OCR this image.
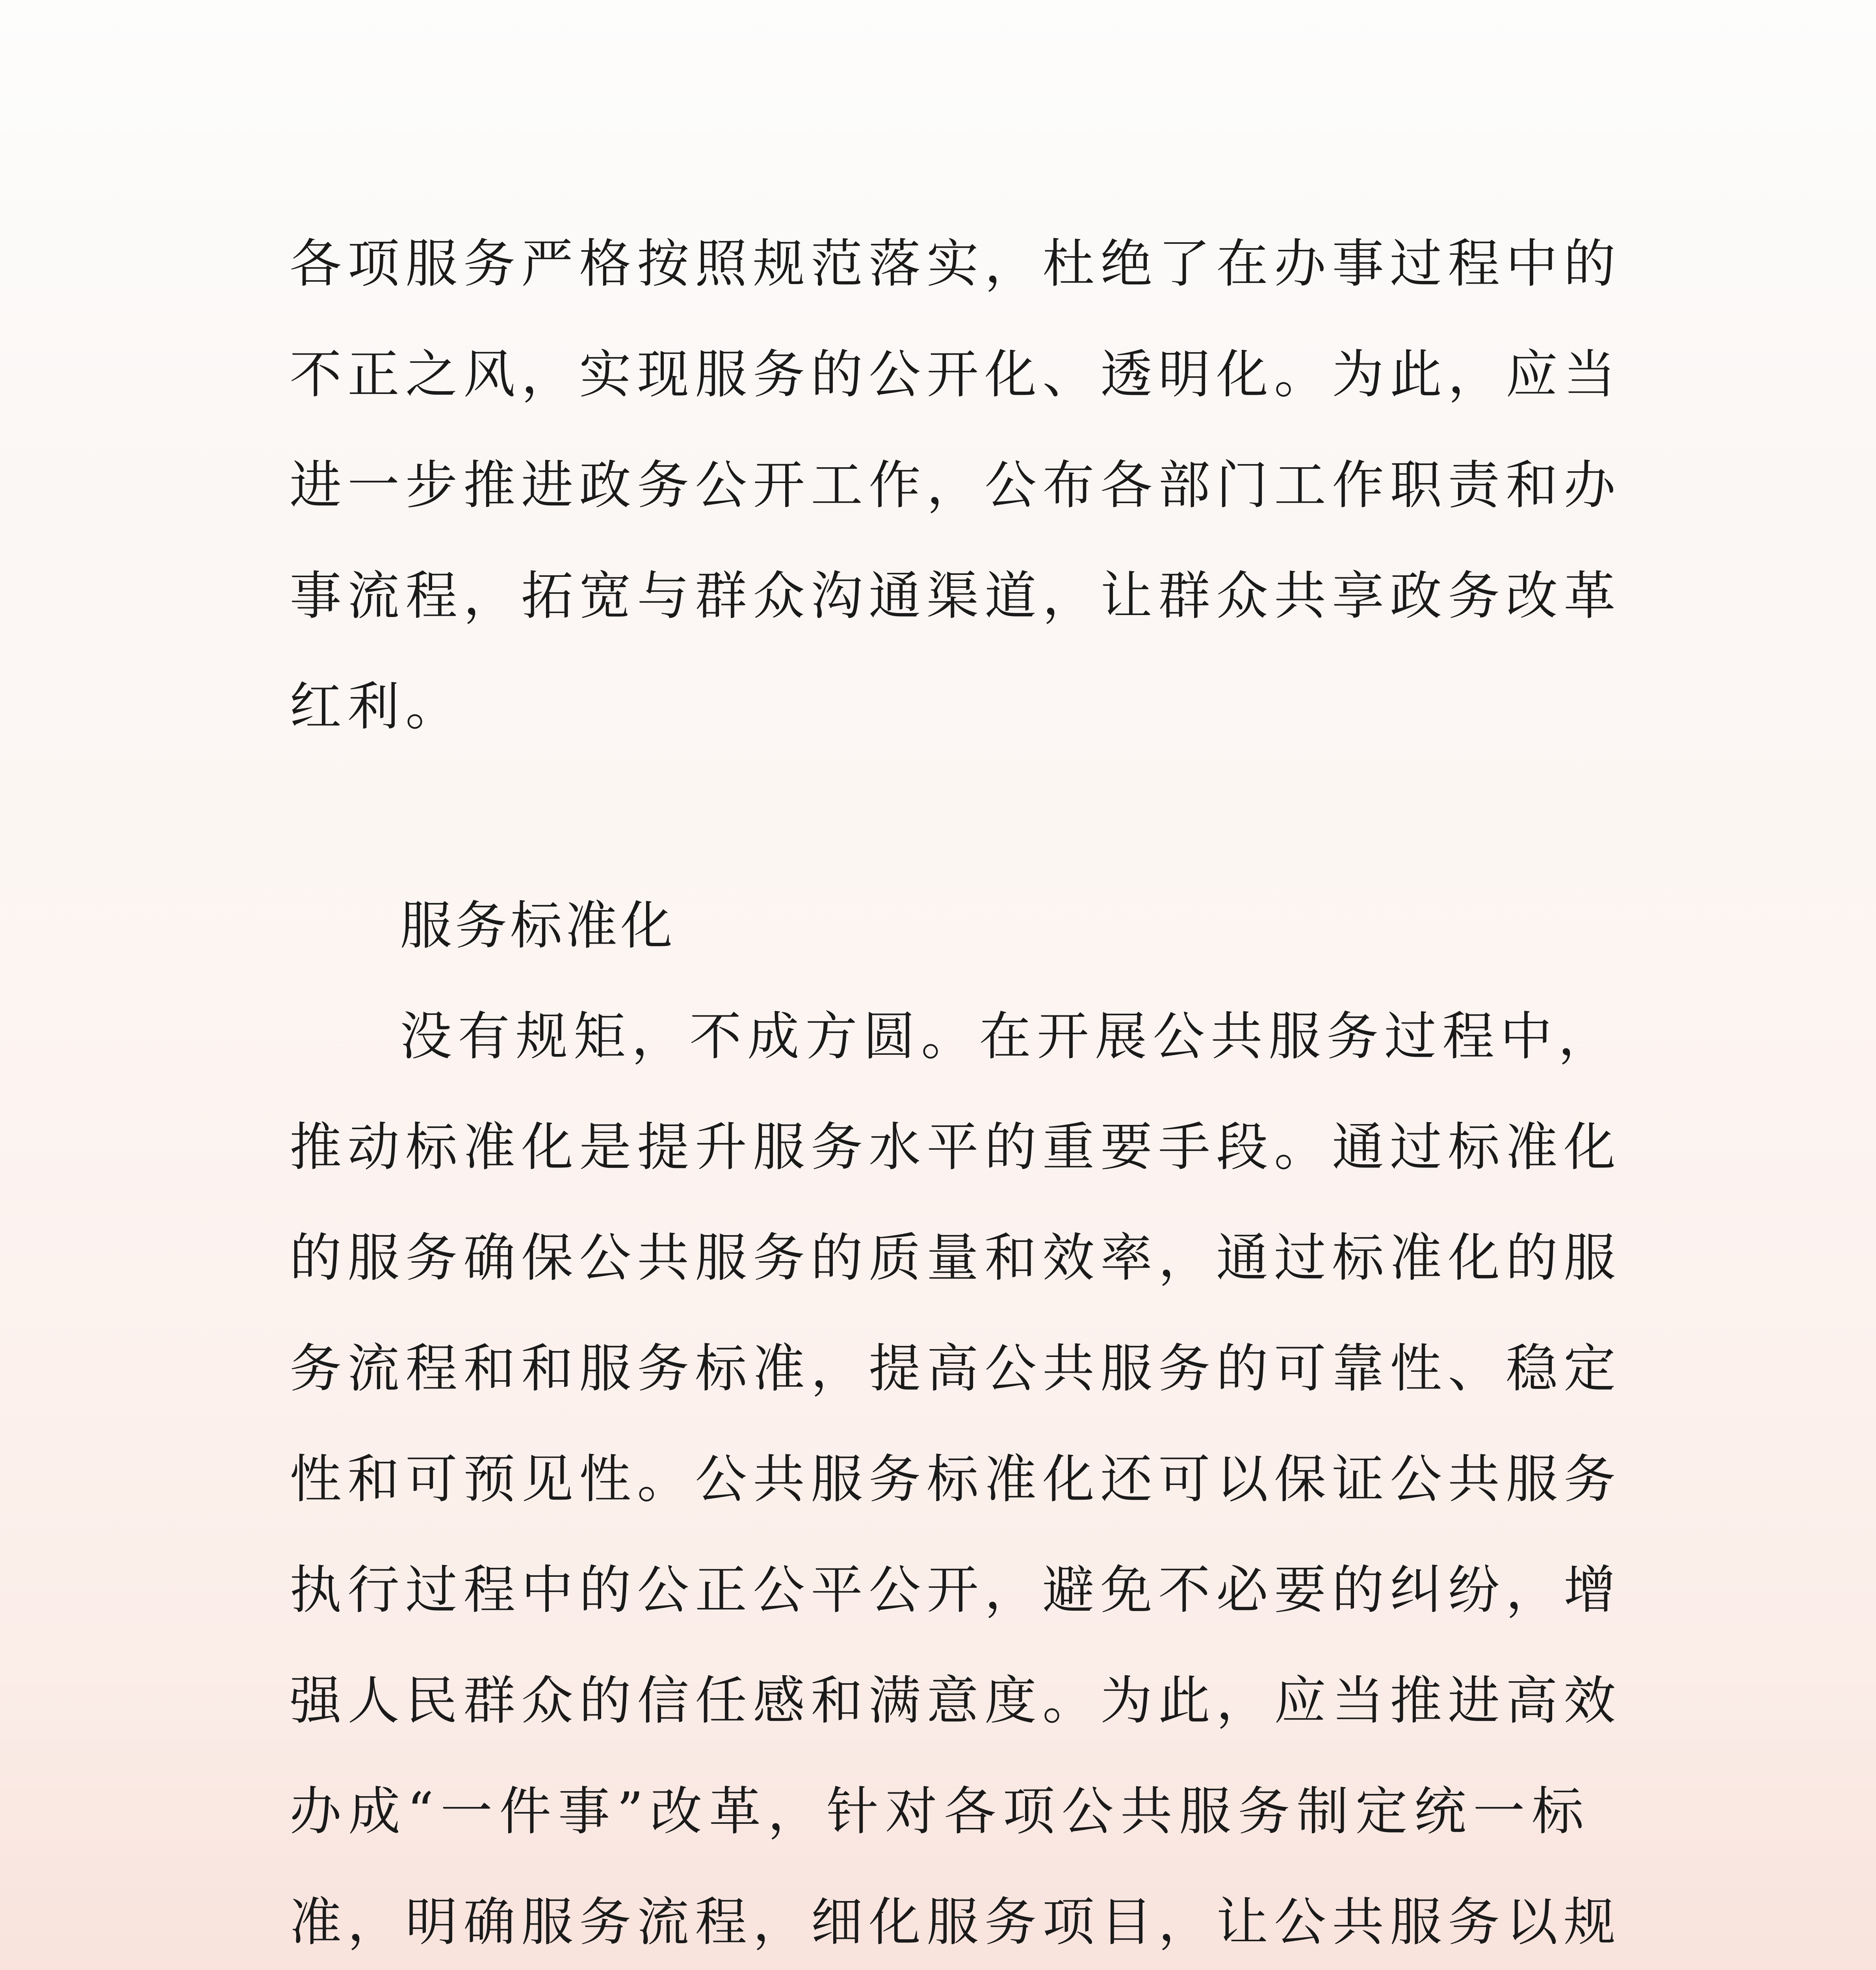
各项服务严格按照规范落实，杜绝了在办事过程中的
不正之风，实现服务的公开化、透明化。为此，应当
进一步推进政务公开工作，公布各部门工作职责和办
事流程，拓宽与群众沟通渠道，让群众共享政务改革
红利。
服务标准化
没有规矩，不成方圆。在开展公共服务过程中，
推动标准化是提升服务水平的重要手段。通过标准化
的服务确保公共服务的质量和效率，通过标准化的服
务流程和和服务标准，提高公共服务的可靠性、稳定
性和可预见性。公共服务标准化还可以保证公共服务
执行过程中的公正公平公开，避免不必要的纠纷，增
强人民群众的信任感和满意度。为此，应当推进高效
办成“一件事”改革，针对各项公共服务制定统一标
准，明确服务流程，细化服务项目，让公共服务以规
